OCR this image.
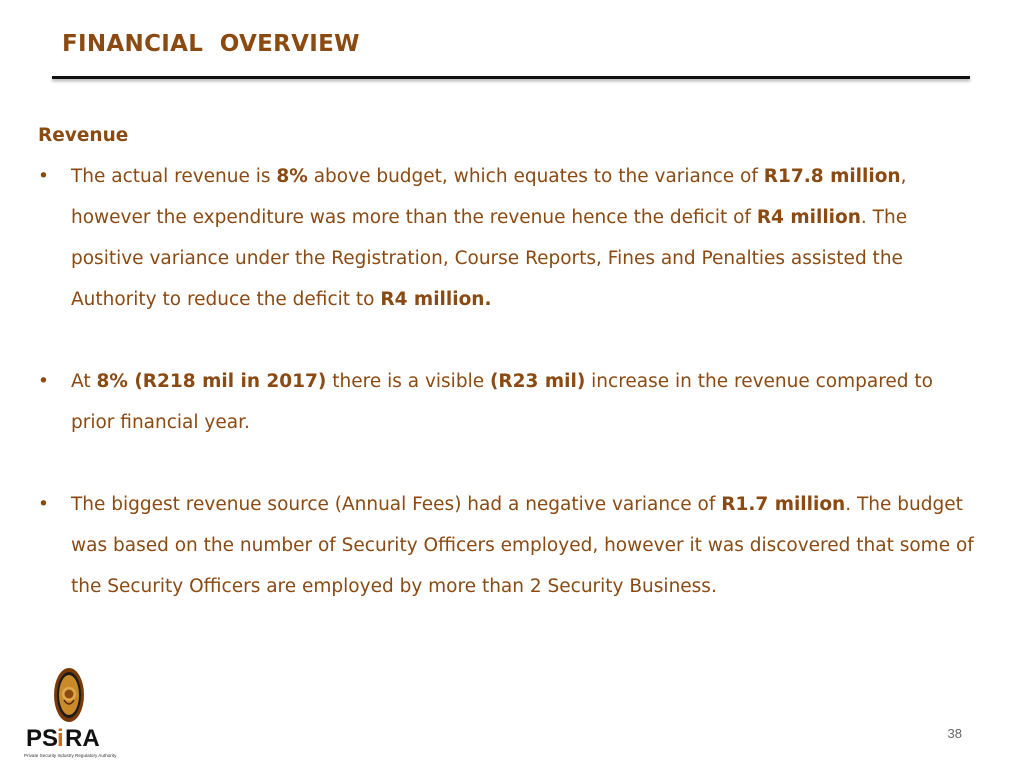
FINANCIAL  OVERVIEW
Revenue
• The actual revenue is 8% above budget, which equates to the variance of R17.8 million, however the expenditure was more than the revenue hence the deficit of R4 million. The positive variance under the Registration, Course Reports, Fines and Penalties assisted the Authority to reduce the deficit to R4 million.
• At 8% (R218 mil in 2017) there is a visible (R23 mil) increase in the revenue compared to prior financial year.
• The biggest revenue source (Annual Fees) had a negative variance of R1.7 million. The budget was based on the number of Security Officers employed, however it was discovered that some of the Security Officers are employed by more than 2 Security Business.
PS
i RA
Private Security Industry Regulatory Authority
38
